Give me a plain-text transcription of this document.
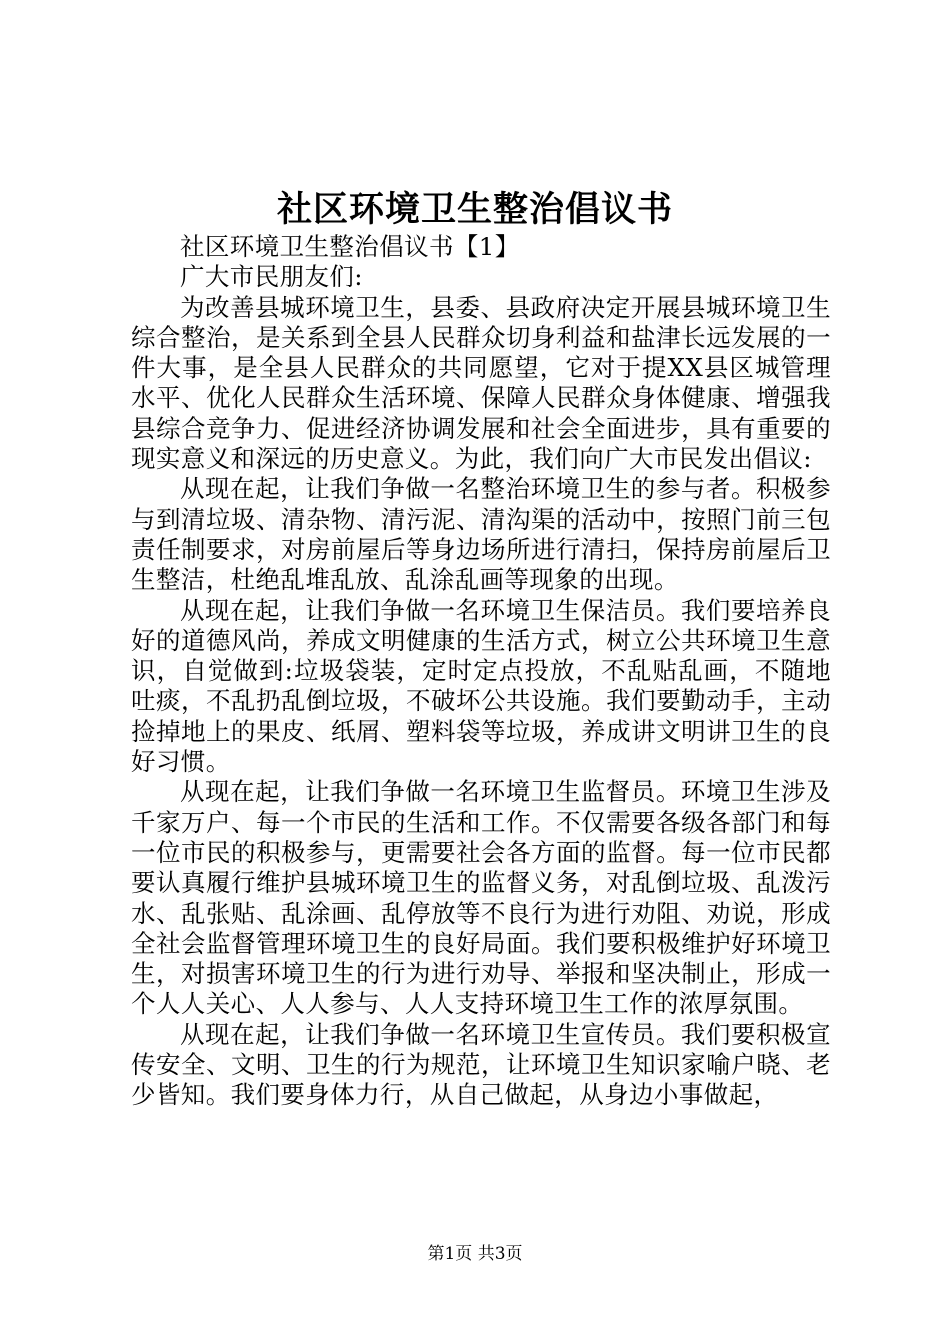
社区环境卫生整治倡议书

社区环境卫生整治倡议书【1】

广大市民朋友们:

为改善县城环境卫生，县委、县政府决定开展县城环境卫生综合整治，是关系到全县人民群众切身利益和盐津长远发展的一件大事，是全县人民群众的共同愿望，它对于提XX县区城管理水平、优化人民群众生活环境、保障人民群众身体健康、增强我县综合竞争力、促进经济协调发展和社会全面进步，具有重要的现实意义和深远的历史意义。为此，我们向广大市民发出倡议:

从现在起，让我们争做一名整治环境卫生的参与者。积极参与到清垃圾、清杂物、清污泥、清沟渠的活动中，按照门前三包责任制要求，对房前屋后等身边场所进行清扫，保持房前屋后卫生整洁，杜绝乱堆乱放、乱涂乱画等现象的出现。

从现在起，让我们争做一名环境卫生保洁员。我们要培养良好的道德风尚，养成文明健康的生活方式，树立公共环境卫生意识，自觉做到:垃圾袋装，定时定点投放，不乱贴乱画，不随地吐痰，不乱扔乱倒垃圾，不破坏公共设施。我们要勤动手，主动捡掉地上的果皮、纸屑、塑料袋等垃圾，养成讲文明讲卫生的良好习惯。

从现在起，让我们争做一名环境卫生监督员。环境卫生涉及千家万户、每一个市民的生活和工作。不仅需要各级各部门和每一位市民的积极参与，更需要社会各方面的监督。每一位市民都要认真履行维护县城环境卫生的监督义务，对乱倒垃圾、乱泼污水、乱张贴、乱涂画、乱停放等不良行为进行劝阻、劝说，形成全社会监督管理环境卫生的良好局面。我们要积极维护好环境卫生，对损害环境卫生的行为进行劝导、举报和坚决制止，形成一个人人关心、人人参与、人人支持环境卫生工作的浓厚氛围。

从现在起，让我们争做一名环境卫生宣传员。我们要积极宣传安全、文明、卫生的行为规范，让环境卫生知识家喻户晓、老少皆知。我们要身体力行，从自己做起，从身边小事做起，

第1页 共3页
